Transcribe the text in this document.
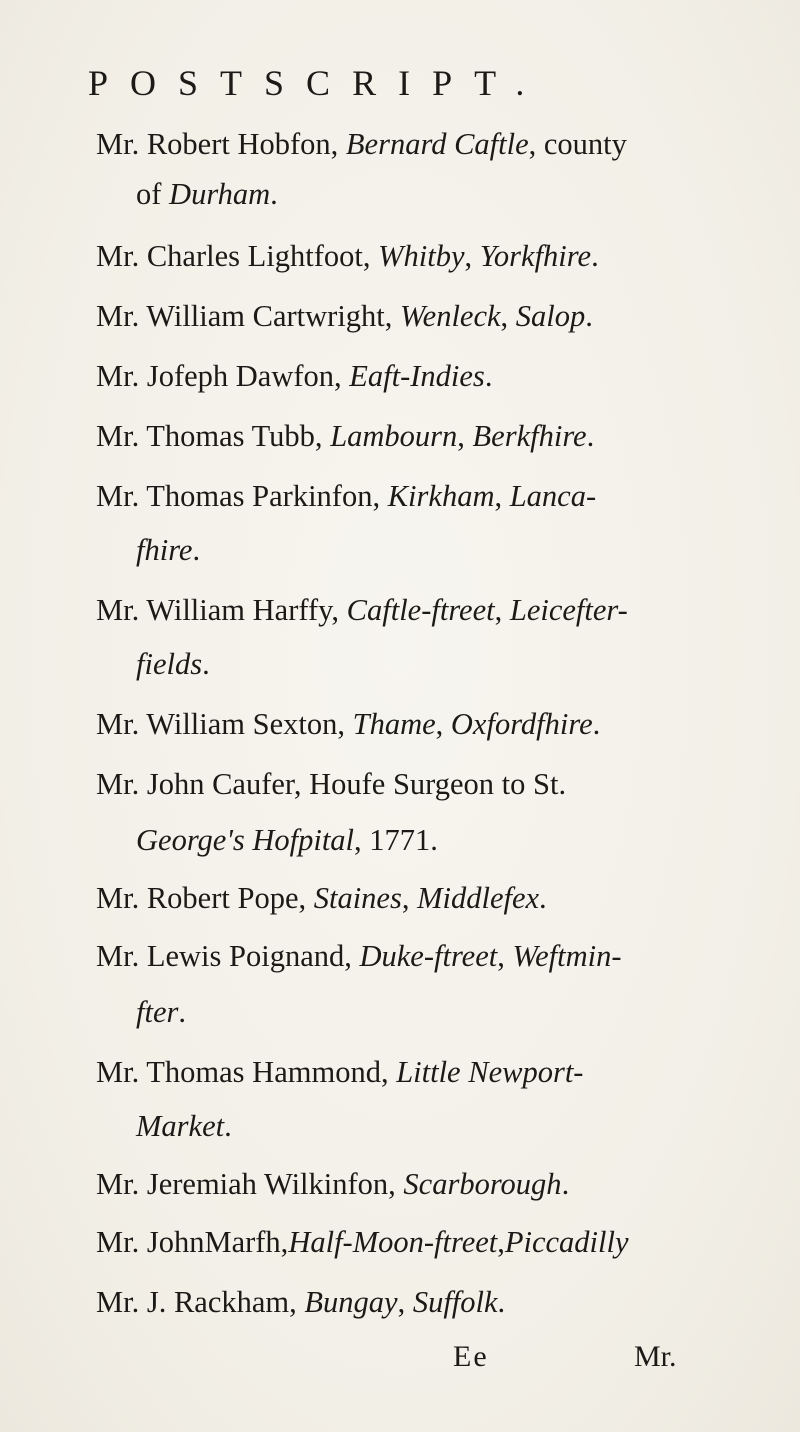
POSTSCRIPT.
Mr. Robert Hobfon, Bernard Caftle, county
of Durham.
Mr. Charles Lightfoot, Whitby, Yorkfhire.
Mr. William Cartwright, Wenleck, Salop.
Mr. Jofeph Dawfon, Eaft-Indies.
Mr. Thomas Tubb, Lambourn, Berkfhire.
Mr. Thomas Parkinfon, Kirkham, Lanca-
fhire.
Mr. William Harffy, Caftle-ftreet, Leicefter-
fields.
Mr. William Sexton, Thame, Oxfordfhire.
Mr. John Caufer, Houfe Surgeon to St.
George's Hofpital, 1771.
Mr. Robert Pope, Staines, Middlefex.
Mr. Lewis Poignand, Duke-ftreet, Weftmin-
fter.
Mr. Thomas Hammond, Little Newport-
Market.
Mr. Jeremiah Wilkinfon, Scarborough.
Mr. JohnMarfh,Half-Moon-ftreet,Piccadilly
Mr. J. Rackham, Bungay, Suffolk.
Ee	Mr.
